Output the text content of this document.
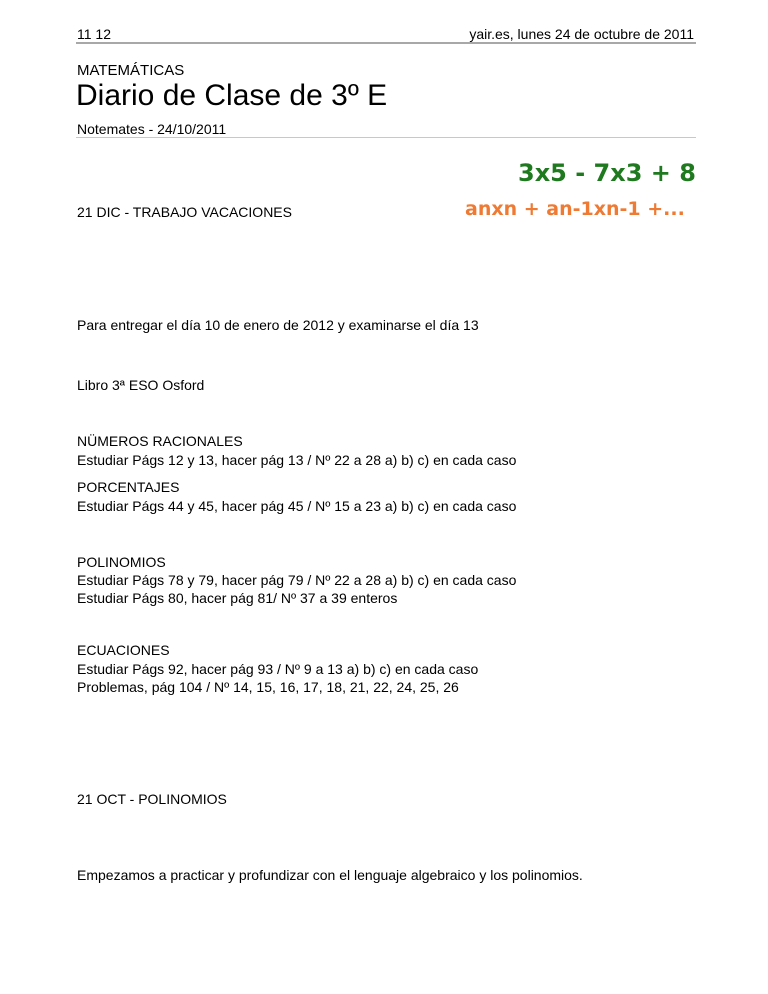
11 12	yair.es, lunes 24 de octubre de 2011
MATEMÁTICAS
Diario de Clase de 3º E
Notemates - 24/10/2011
3x5 - 7x3 + 8
anxn + an-1xn-1 +...
21 DIC - TRABAJO VACACIONES
Para entregar el día 10 de enero de 2012 y examinarse el día 13
Libro 3ª ESO Osford
NÜMEROS RACIONALES
Estudiar Págs 12 y 13, hacer pág 13 / Nº 22 a 28 a) b) c) en cada caso
PORCENTAJES
Estudiar Págs 44 y 45, hacer pág 45 / Nº 15 a 23 a) b) c) en cada caso
POLINOMIOS
Estudiar Págs 78 y 79, hacer pág 79 / Nº 22 a 28 a) b) c) en cada caso
Estudiar Págs 80, hacer pág 81/ Nº 37 a 39 enteros
ECUACIONES
Estudiar Págs 92, hacer pág 93 / Nº 9 a 13 a) b) c) en cada caso
Problemas, pág 104 / Nº 14, 15, 16, 17, 18, 21, 22, 24, 25, 26
21 OCT - POLINOMIOS
Empezamos a practicar y profundizar con el lenguaje algebraico y los polinomios.
